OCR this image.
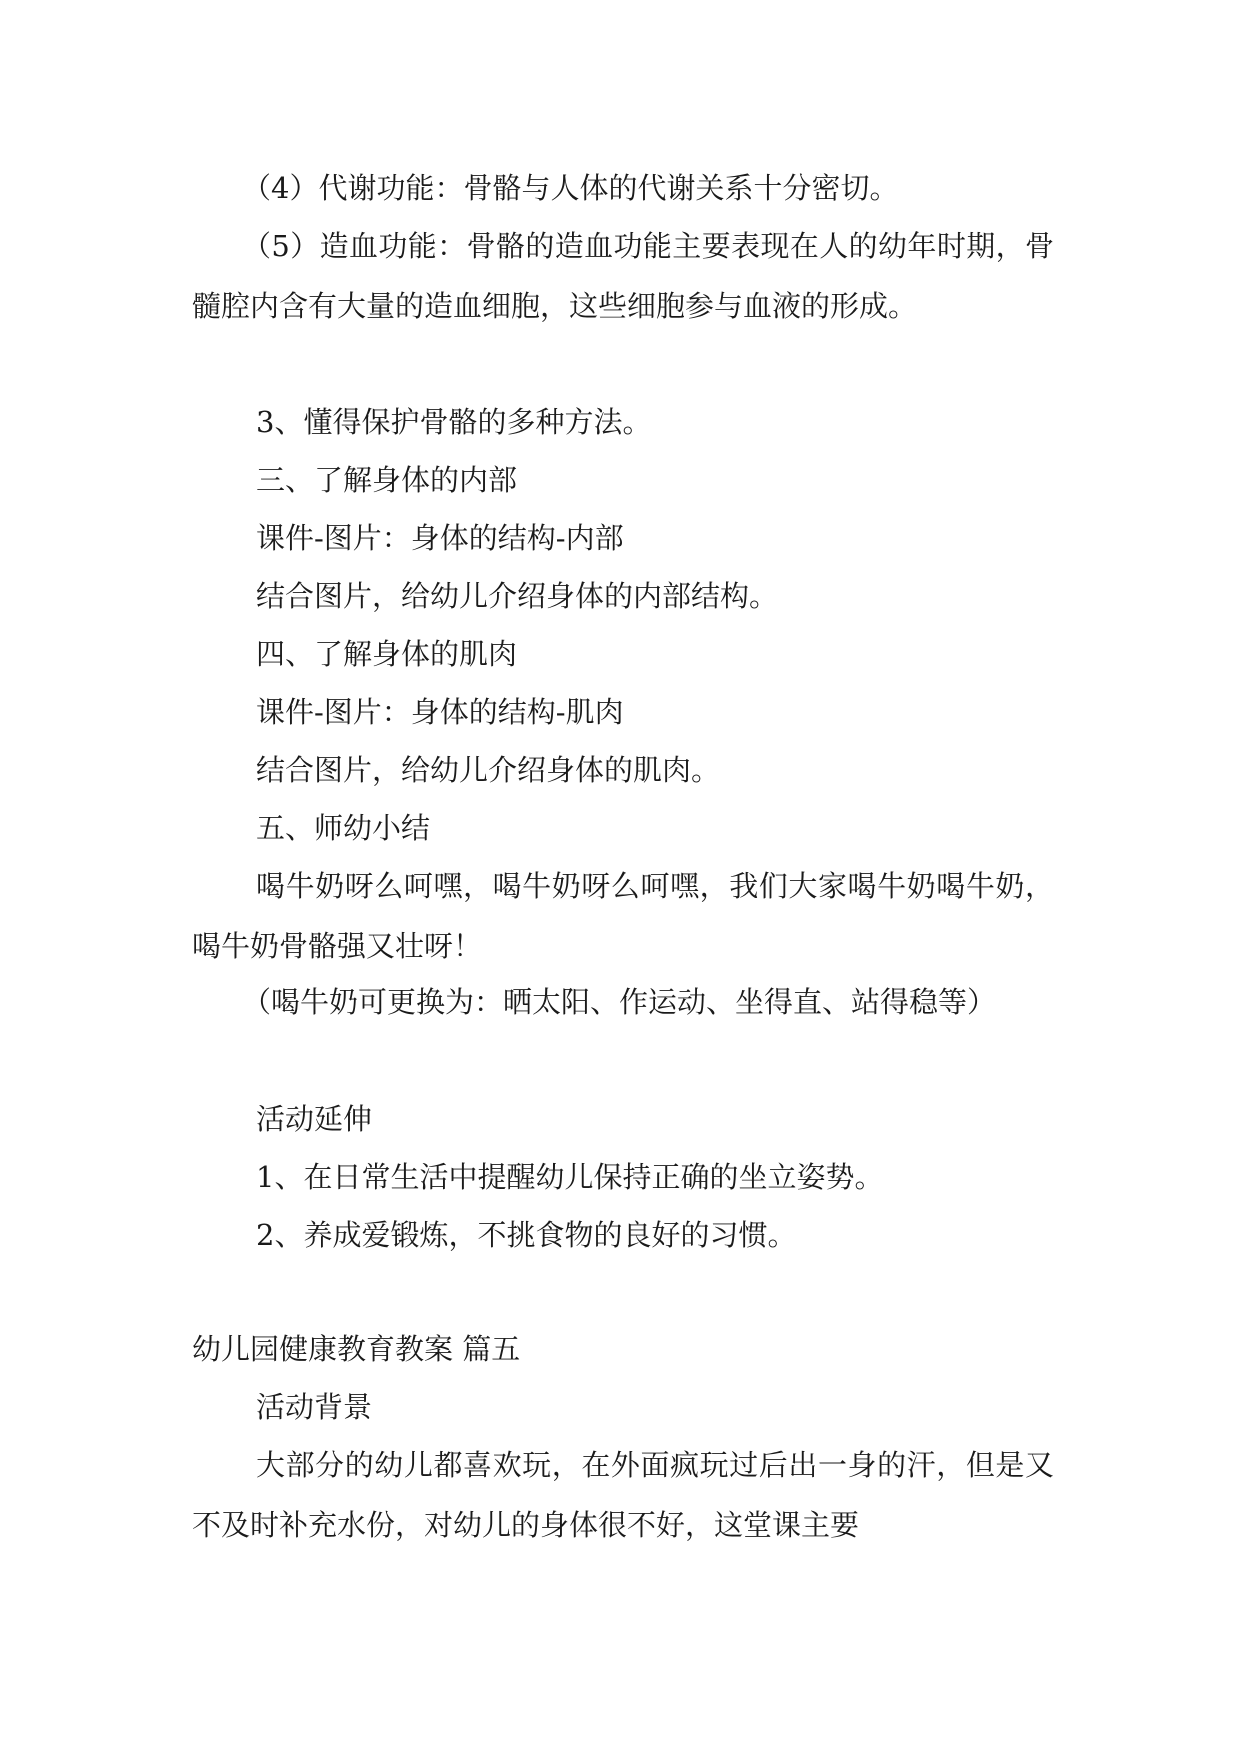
（4）代谢功能：骨骼与人体的代谢关系十分密切。

（5）造血功能：骨骼的造血功能主要表现在人的幼年时期，骨髓腔内含有大量的造血细胞，这些细胞参与血液的形成。

3、懂得保护骨骼的多种方法。

三、了解身体的内部

课件-图片：身体的结构-内部

结合图片，给幼儿介绍身体的内部结构。

四、了解身体的肌肉

课件-图片：身体的结构-肌肉

结合图片，给幼儿介绍身体的肌肉。

五、师幼小结

喝牛奶呀么呵嘿，喝牛奶呀么呵嘿，我们大家喝牛奶喝牛奶，喝牛奶骨骼强又壮呀！

（喝牛奶可更换为：晒太阳、作运动、坐得直、站得稳等）

活动延伸

1、在日常生活中提醒幼儿保持正确的坐立姿势。

2、养成爱锻炼，不挑食物的良好的习惯。

幼儿园健康教育教案 篇五

活动背景

大部分的幼儿都喜欢玩，在外面疯玩过后出一身的汗，但是又不及时补充水份，对幼儿的身体很不好，这堂课主要
